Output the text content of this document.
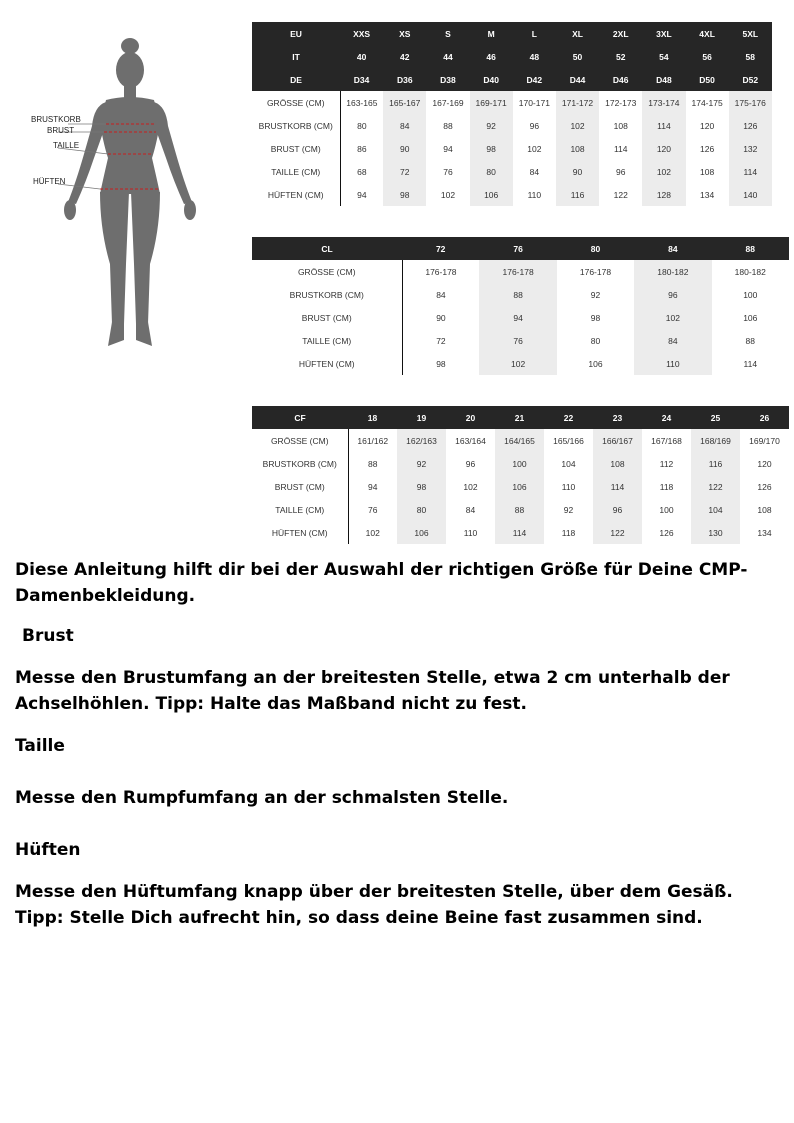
BRUSTKORB
BRUST
TAILLE
HÜFTEN
EU	XXS	XS	S	M	L	XL	2XL	3XL	4XL	5XL
IT	40	42	44	46	48	50	52	54	56	58
DE	D34	D36	D38	D40	D42	D44	D46	D48	D50	D52
GRÖSSE (CM)	163-165	165-167	167-169	169-171	170-171	171-172	172-173	173-174	174-175	175-176
BRUSTKORB (CM)	80	84	88	92	96	102	108	114	120	126
BRUST (CM)	86	90	94	98	102	108	114	120	126	132
TAILLE (CM)	68	72	76	80	84	90	96	102	108	114
HÜFTEN (CM)	94	98	102	106	110	116	122	128	134	140
CL	72	76	80	84	88
GRÖSSE (CM)	176-178	176-178	176-178	180-182	180-182
BRUSTKORB (CM)	84	88	92	96	100
BRUST (CM)	90	94	98	102	106
TAILLE (CM)	72	76	80	84	88
HÜFTEN (CM)	98	102	106	110	114
CF	18	19	20	21	22	23	24	25	26
GRÖSSE (CM)	161/162	162/163	163/164	164/165	165/166	166/167	167/168	168/169	169/170
BRUSTKORB (CM)	88	92	96	100	104	108	112	116	120
BRUST (CM)	94	98	102	106	110	114	118	122	126
TAILLE (CM)	76	80	84	88	92	96	100	104	108
HÜFTEN (CM)	102	106	110	114	118	122	126	130	134

Diese Anleitung hilft dir bei der Auswahl der richtigen Größe für Deine CMP-Damenbekleidung.

Brust

Messe den Brustumfang an der breitesten Stelle, etwa 2 cm unterhalb der Achselhöhlen. Tipp: Halte das Maßband nicht zu fest.

Taille

Messe den Rumpfumfang an der schmalsten Stelle.

Hüften

Messe den Hüftumfang knapp über der breitesten Stelle, über dem Gesäß. Tipp: Stelle Dich aufrecht hin, so dass deine Beine fast zusammen sind.
